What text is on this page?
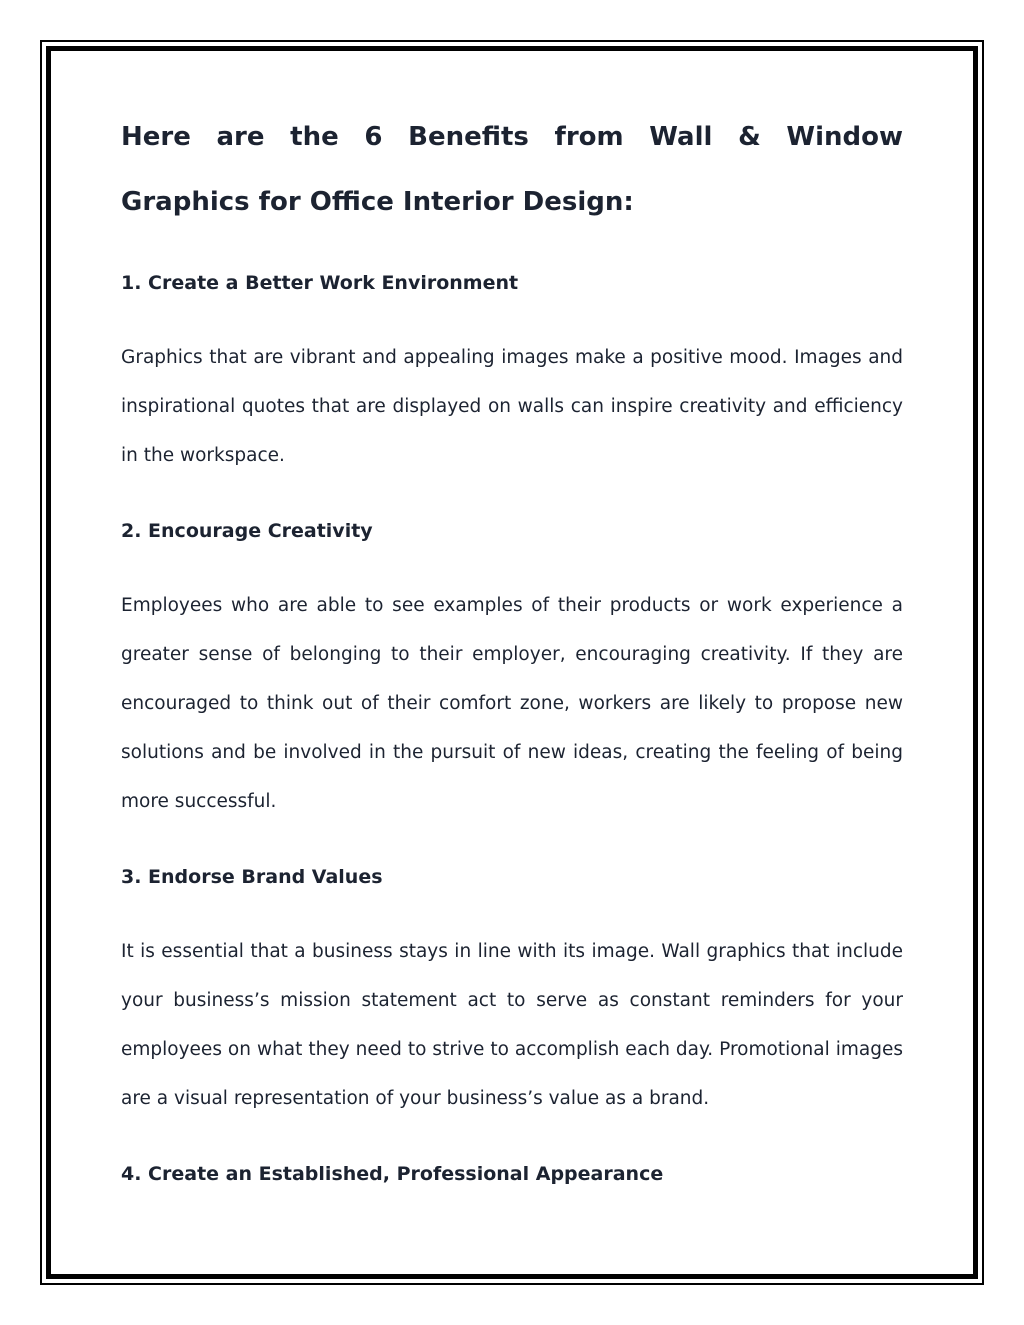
Here are the 6 Benefits from Wall & Window Graphics for Office Interior Design:
1. Create a Better Work Environment

Graphics that are vibrant and appealing images make a positive mood. Images and inspirational quotes that are displayed on walls can inspire creativity and efficiency in the workspace.

2. Encourage Creativity

Employees who are able to see examples of their products or work experience a greater sense of belonging to their employer, encouraging creativity. If they are encouraged to think out of their comfort zone, workers are likely to propose new solutions and be involved in the pursuit of new ideas, creating the feeling of being more successful.

3. Endorse Brand Values

It is essential that a business stays in line with its image. Wall graphics that include your business’s mission statement act to serve as constant reminders for your employees on what they need to strive to accomplish each day. Promotional images are a visual representation of your business’s value as a brand.

4. Create an Established, Professional Appearance
